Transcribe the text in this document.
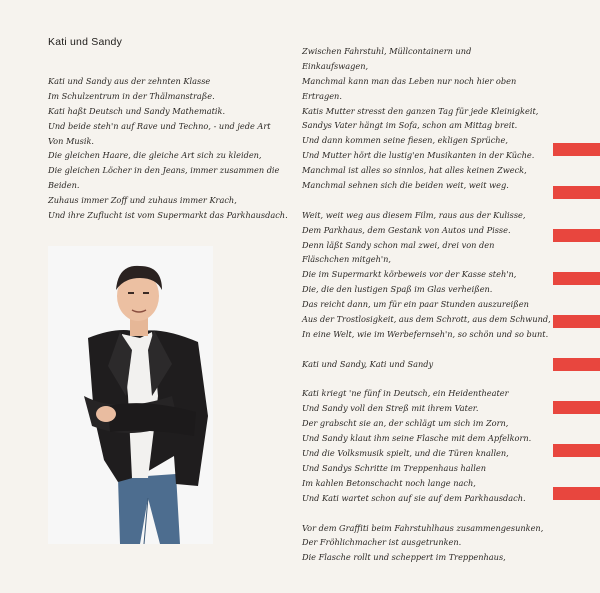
Kati und Sandy
Kati und Sandy aus der zehnten Klasse
Im Schulzentrum in der Thälmanstraße.
Kati haßt Deutsch und Sandy Mathematik.
Und beide steh'n auf Rave und Techno, - und jede Art
Von Musik.
Die gleichen Haare, die gleiche Art sich zu kleiden,
Die gleichen Löcher in den Jeans, immer zusammen die
Beiden.
Zuhaus immer Zoff und zuhaus immer Krach,
Und ihre Zuflucht ist vom Supermarkt das Parkhausdach.
Zwischen Fahrstuhl, Müllcontainern und
Einkaufswagen,
Manchmal kann man das Leben nur noch hier oben
Ertragen.
Katis Mutter stresst den ganzen Tag für jede Kleinigkeit,
Sandys Vater hängt im Sofa, schon am Mittag breit.
Und dann kommen seine fiesen, ekligen Sprüche,
Und Mutter hört die lustig'en Musikanten in der Küche.
Manchmal ist alles so sinnlos, hat alles keinen Zweck,
Manchmal sehnen sich die beiden weit, weit weg.
Weit, weit weg aus diesem Film, raus aus der Kulisse,
Dem Parkhaus, dem Gestank von Autos und Pisse.
Denn läßt Sandy schon mal zwei, drei von den
Fläschchen mitgeh'n,
Die im Supermarkt körbeweis vor der Kasse steh'n,
Die, die den lustigen Spaß im Glas verheißen.
Das reicht dann, um für ein paar Stunden auszureißen
Aus der Trostlosigkeit, aus dem Schrott, aus dem Schwund,
In eine Welt, wie im Werbefernseh'n, so schön und so bunt.
Kati und Sandy, Kati und Sandy
Kati kriegt 'ne fünf in Deutsch, ein Heidentheater
Und Sandy voll den Streß mit ihrem Vater.
Der grabscht sie an, der schlägt um sich im Zorn,
Und Sandy klaut ihm seine Flasche mit dem Apfelkorn.
Und die Volksmusik spielt, und die Türen knallen,
Und Sandys Schritte im Treppenhaus hallen
Im kahlen Betonschacht noch lange nach,
Und Kati wartet schon auf sie auf dem Parkhausdach.
Vor dem Graffiti beim Fahrstuhlhaus zusammengesunken,
Der Fröhlichmacher ist ausgetrunken.
Die Flasche rollt und scheppert im Treppenhaus,
